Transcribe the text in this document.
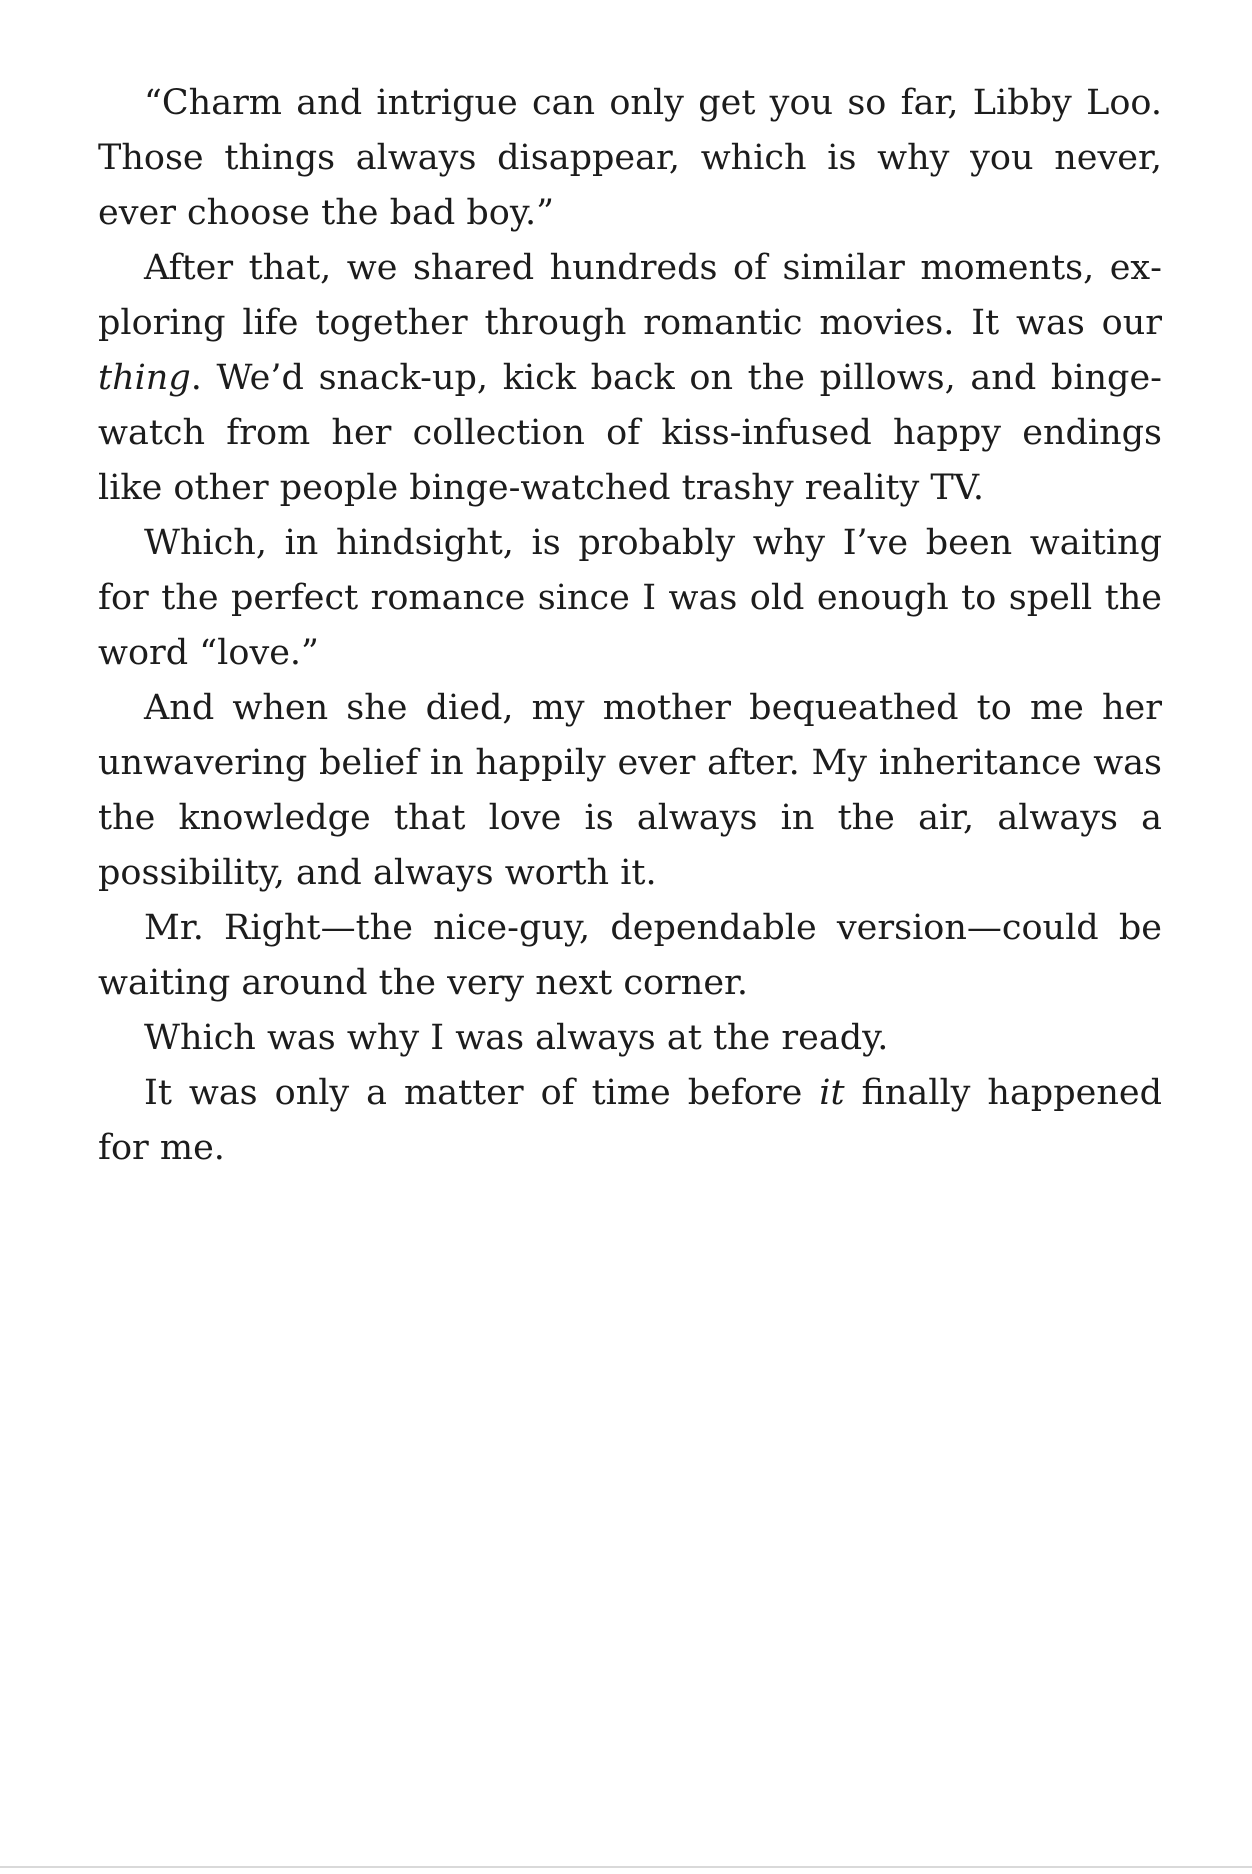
“Charm and intrigue can only get you so far, Libby Loo. Those things always disappear, which is why you never, ever choose the bad boy.”

After that, we shared hundreds of similar moments, exploring life together through romantic movies. It was our thing. We’d snack-up, kick back on the pillows, and binge-watch from her collection of kiss-infused happy endings like other people binge-watched trashy reality TV.

Which, in hindsight, is probably why I’ve been waiting for the perfect romance since I was old enough to spell the word “love.”

And when she died, my mother bequeathed to me her unwavering belief in happily ever after. My inheritance was the knowledge that love is always in the air, always a possibility, and always worth it.

Mr. Right—the nice-guy, dependable version—could be waiting around the very next corner.

Which was why I was always at the ready.

It was only a matter of time before it finally happened for me.
